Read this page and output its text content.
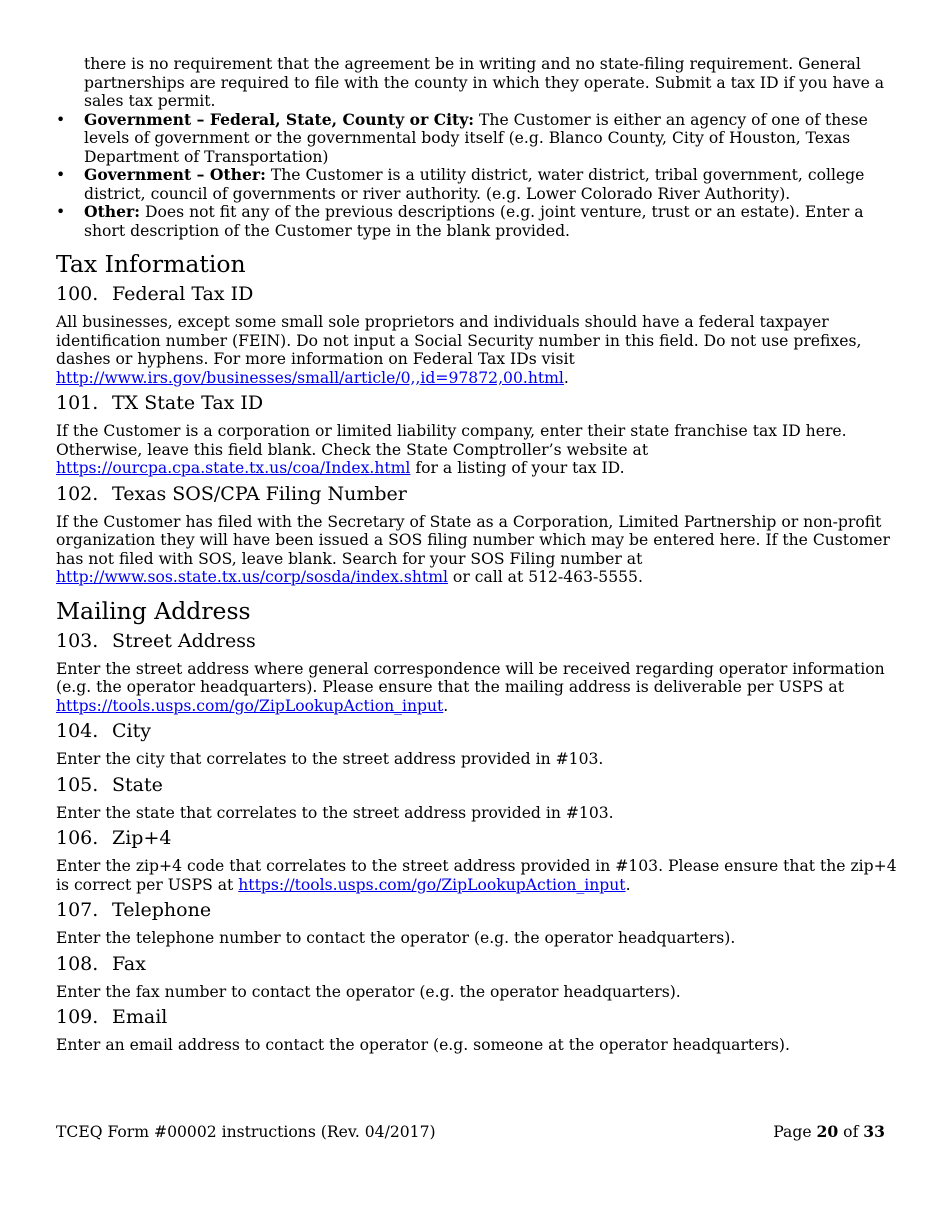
there is no requirement that the agreement be in writing and no state-filing requirement. General partnerships are required to file with the county in which they operate. Submit a tax ID if you have a sales tax permit.

• Government – Federal, State, County or City: The Customer is either an agency of one of these levels of government or the governmental body itself (e.g. Blanco County, City of Houston, Texas Department of Transportation)
• Government – Other: The Customer is a utility district, water district, tribal government, college district, council of governments or river authority. (e.g. Lower Colorado River Authority).
• Other: Does not fit any of the previous descriptions (e.g. joint venture, trust or an estate). Enter a short description of the Customer type in the blank provided.
Tax Information
100. Federal Tax ID

All businesses, except some small sole proprietors and individuals should have a federal taxpayer identification number (FEIN). Do not input a Social Security number in this field. Do not use prefixes, dashes or hyphens. For more information on Federal Tax IDs visit http://www.irs.gov/businesses/small/article/0,,id=97872,00.html.

101. TX State Tax ID

If the Customer is a corporation or limited liability company, enter their state franchise tax ID here. Otherwise, leave this field blank. Check the State Comptroller’s website at https://ourcpa.cpa.state.tx.us/coa/Index.html for a listing of your tax ID.

102. Texas SOS/CPA Filing Number

If the Customer has filed with the Secretary of State as a Corporation, Limited Partnership or non-profit organization they will have been issued a SOS filing number which may be entered here. If the Customer has not filed with SOS, leave blank. Search for your SOS Filing number at http://www.sos.state.tx.us/corp/sosda/index.shtml or call at 512-463-5555.

Mailing Address
103. Street Address

Enter the street address where general correspondence will be received regarding operator information (e.g. the operator headquarters). Please ensure that the mailing address is deliverable per USPS at https://tools.usps.com/go/ZipLookupAction_input.

104. City

Enter the city that correlates to the street address provided in #103.

105. State

Enter the state that correlates to the street address provided in #103.

106. Zip+4

Enter the zip+4 code that correlates to the street address provided in #103. Please ensure that the zip+4 is correct per USPS at https://tools.usps.com/go/ZipLookupAction_input.

107. Telephone

Enter the telephone number to contact the operator (e.g. the operator headquarters).

108. Fax

Enter the fax number to contact the operator (e.g. the operator headquarters).

109. Email

Enter an email address to contact the operator (e.g. someone at the operator headquarters).

TCEQ Form #00002 instructions (Rev. 04/2017)	Page 20 of 33
